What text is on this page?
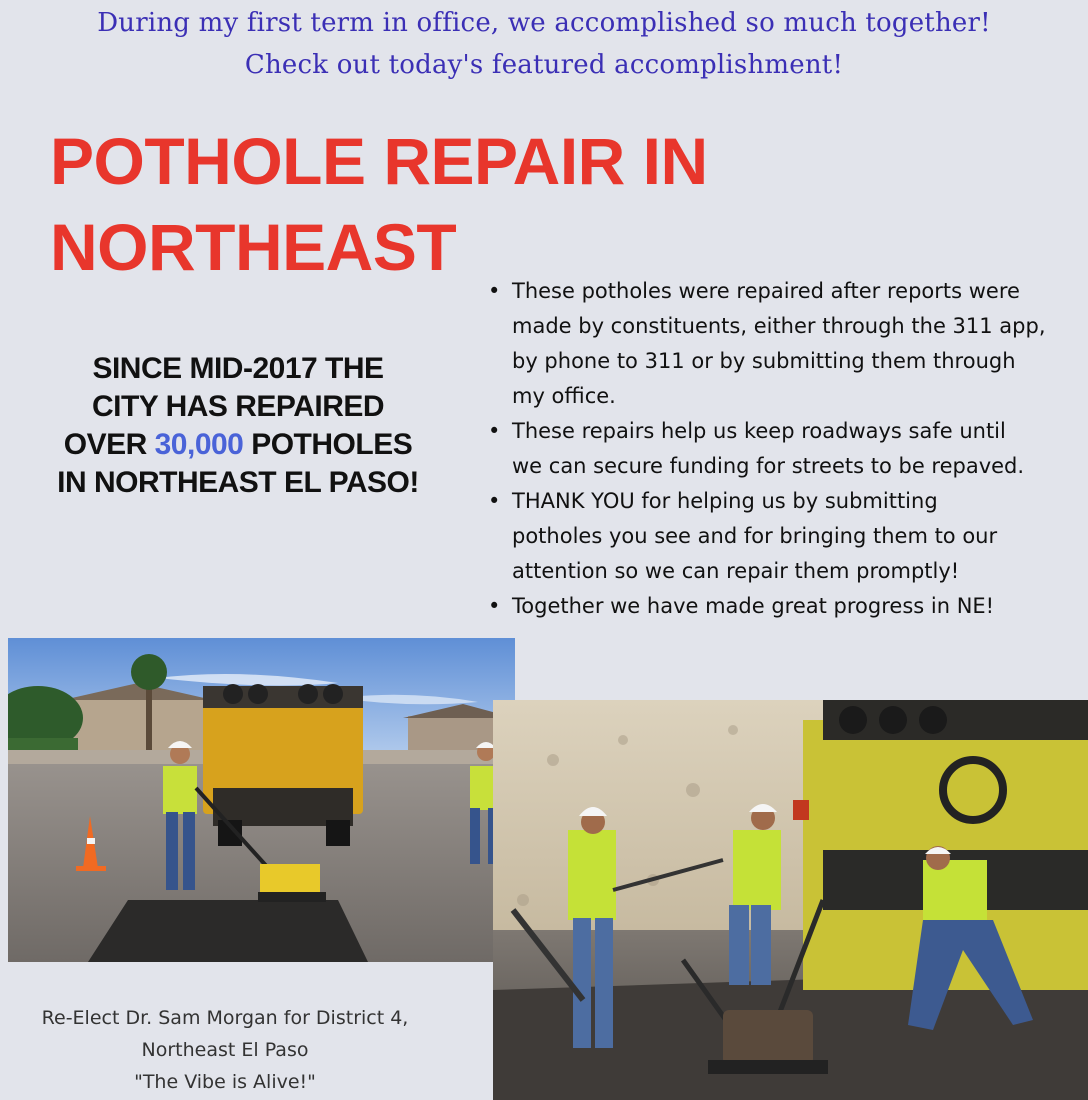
During my first term in office, we accomplished so much together!
Check out today's featured accomplishment!
POTHOLE REPAIR IN
NORTHEAST
SINCE MID-2017 THE
CITY HAS REPAIRED
OVER 30,000 POTHOLES
IN NORTHEAST EL PASO!
• These potholes were repaired after reports were
made by constituents, either through the 311 app,
by phone to 311 or by submitting them through
my office.
• These repairs help us keep roadways safe until
we can secure funding for streets to be repaved.
• THANK YOU for helping us by submitting
potholes you see and for bringing them to our
attention so we can repair them promptly!
• Together we have made great progress in NE!
Re-Elect Dr. Sam Morgan for District 4,
Northeast El Paso
"The Vibe is Alive!"
